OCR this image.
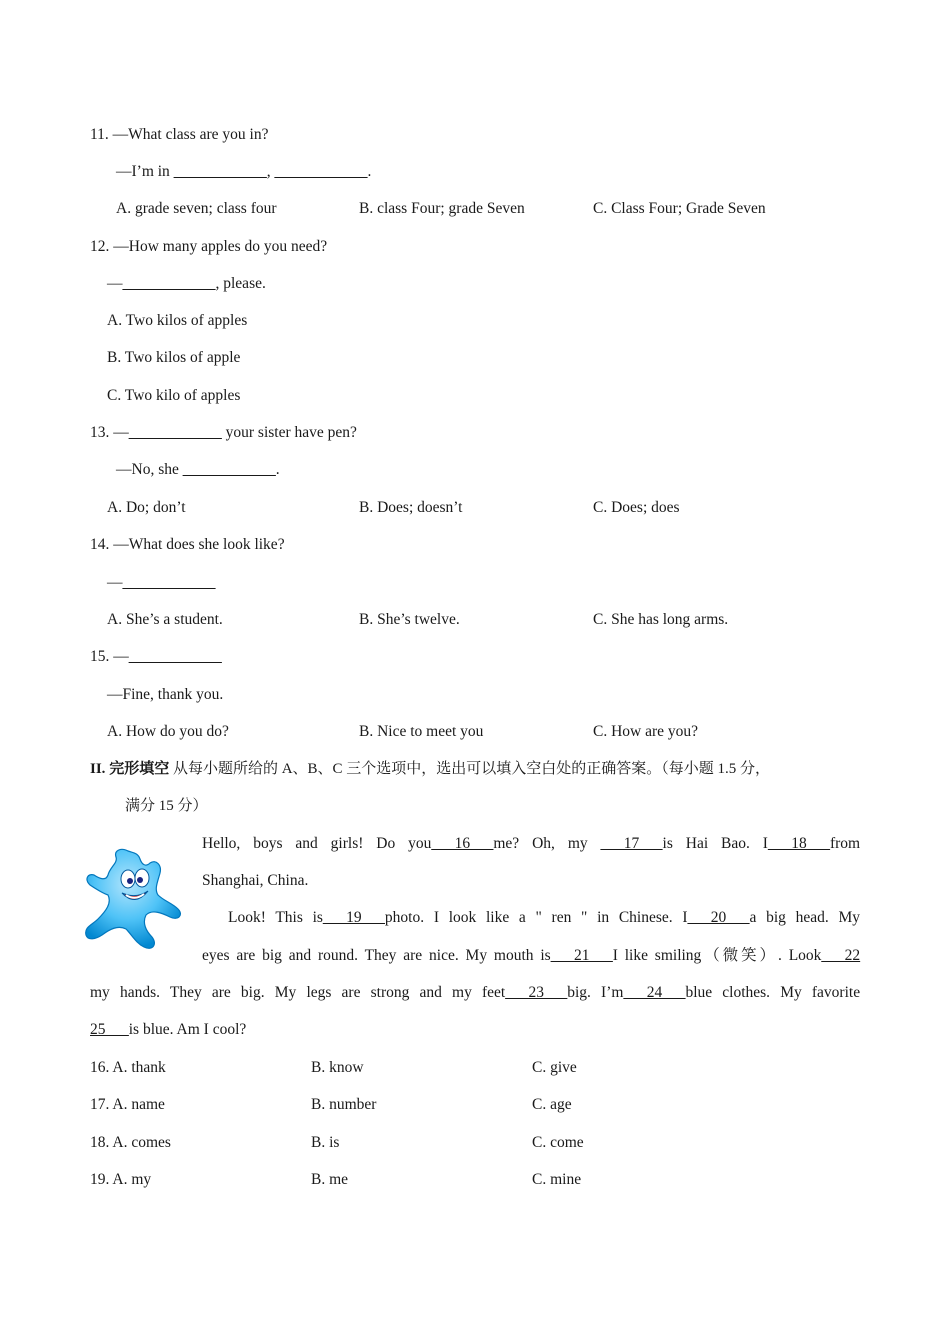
11. —What class are you in?
—I’m in ____________, ____________.
A. grade seven; class four	B. class Four; grade Seven	C. Class Four; Grade Seven
12. —How many apples do you need?
—____________, please.
A. Two kilos of apples
B. Two kilos of apple
C. Two kilo of apples
13. —____________ your sister have pen?
—No, she ____________.
A. Do; don’t	B. Does; doesn’t	C. Does; does
14. —What does she look like?
—____________
A. She’s a student.	B. She’s twelve.	C. She has long arms.
15. —____________
—Fine, thank you.
A. How do you do?	B. Nice to meet you	C. How are you?
II. 完形填空 从每小题所给的 A、B、C 三个选项中，选出可以填入空白处的正确答案。（每小题 1.5 分，
满分 15 分）
Hello, boys and girls! Do you___16___me? Oh, my ___17___is Hai Bao. I___18___from
Shanghai, China.
Look! This is___19___photo. I look like a " ren " in Chinese. I___20___a big head. My
eyes are big and round. They are nice. My mouth is___21___I like smiling（微笑）. Look___22
my hands. They are big. My legs are strong and my feet___23___big. I’m___24___blue clothes. My favorite
25___is blue. Am I cool?
16. A. thank	B. know	C. give
17. A. name	B. number	C. age
18. A. comes	B. is	C. come
19. A. my	B. me	C. mine
